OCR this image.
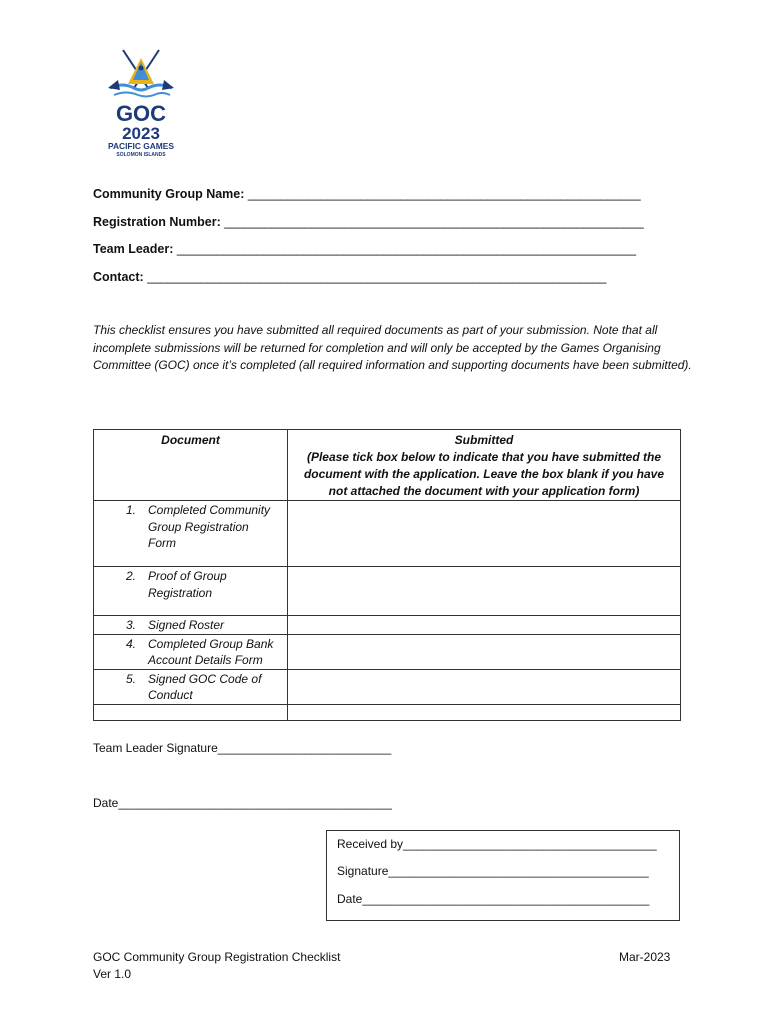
GOC
2023
PACIFIC GAMES
SOLOMON ISLANDS
Community Group Name: ___________________________________________________________
Registration Number: _______________________________________________________________
Team Leader: _____________________________________________________________________
Contact: _____________________________________________________________________
This checklist ensures you have submitted all required documents as part of your submission. Note that all incomplete submissions will be returned for completion and will only be accepted by the Games Organising Committee (GOC) once it’s completed (all required information and supporting documents have been submitted).
Document	Submitted
(Please tick box below to indicate that you have submitted the document with the application. Leave the box blank if you have not attached the document with your application form)

1. Completed Community Group Registration Form	

2. Proof of Group Registration	

3. Signed Roster	

4. Completed Group Bank Account Details Form	

5. Signed GOC Code of Conduct	

Team Leader Signature__________________________
Date_________________________________________
Received by______________________________________
Signature_______________________________________
Date___________________________________________
GOC Community Group Registration Checklist
Ver 1.0
Mar-2023
